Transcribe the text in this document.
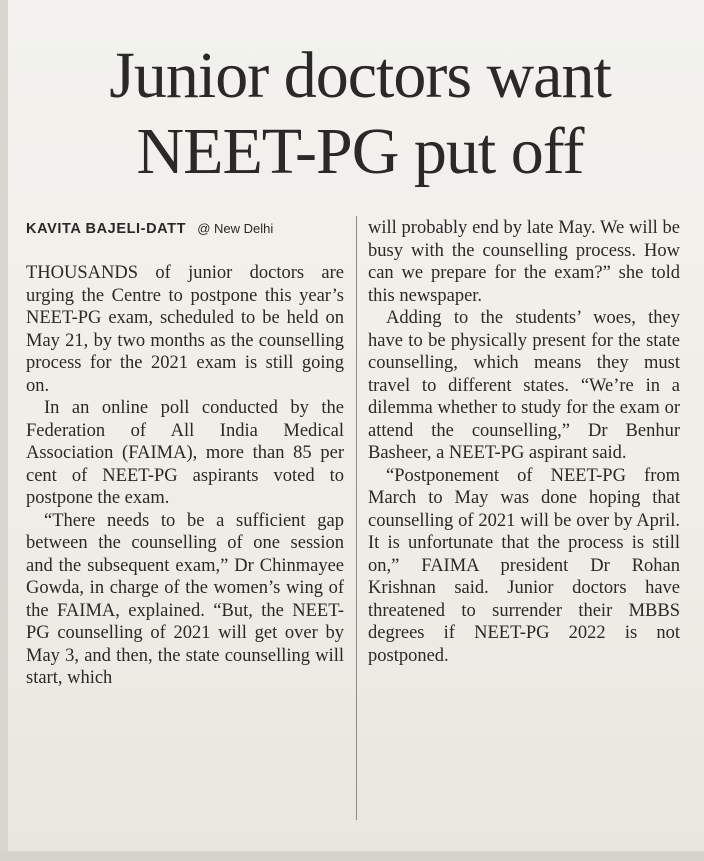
Junior doctors want
NEET-PG put off
KAVITA BAJELI-DATT @ New Delhi

THOUSANDS of junior doctors are urging the Centre to postpone this year’s NEET-PG exam, scheduled to be held on May 21, by two months as the counselling process for the 2021 exam is still going on.

In an online poll conducted by the Federation of All India Medical Association (FAIMA), more than 85 per cent of NEET-PG aspirants voted to postpone the exam.

“There needs to be a sufficient gap between the counselling of one session and the subsequent exam,” Dr Chinmayee Gowda, in charge of the women’s wing of the FAIMA, explained. “But, the NEET-PG counselling of 2021 will get over by May 3, and then, the state counselling will start, which

will probably end by late May. We will be busy with the counselling process. How can we prepare for the exam?” she told this newspaper.

Adding to the students’ woes, they have to be physically present for the state counselling, which means they must travel to different states. “We’re in a dilemma whether to study for the exam or attend the counselling,” Dr Benhur Basheer, a NEET-PG aspirant said.

“Postponement of NEET-PG from March to May was done hoping that counselling of 2021 will be over by April. It is unfortunate that the process is still on,” FAIMA president Dr Rohan Krishnan said. Junior doctors have threatened to surrender their MBBS degrees if NEET-PG 2022 is not postponed.
